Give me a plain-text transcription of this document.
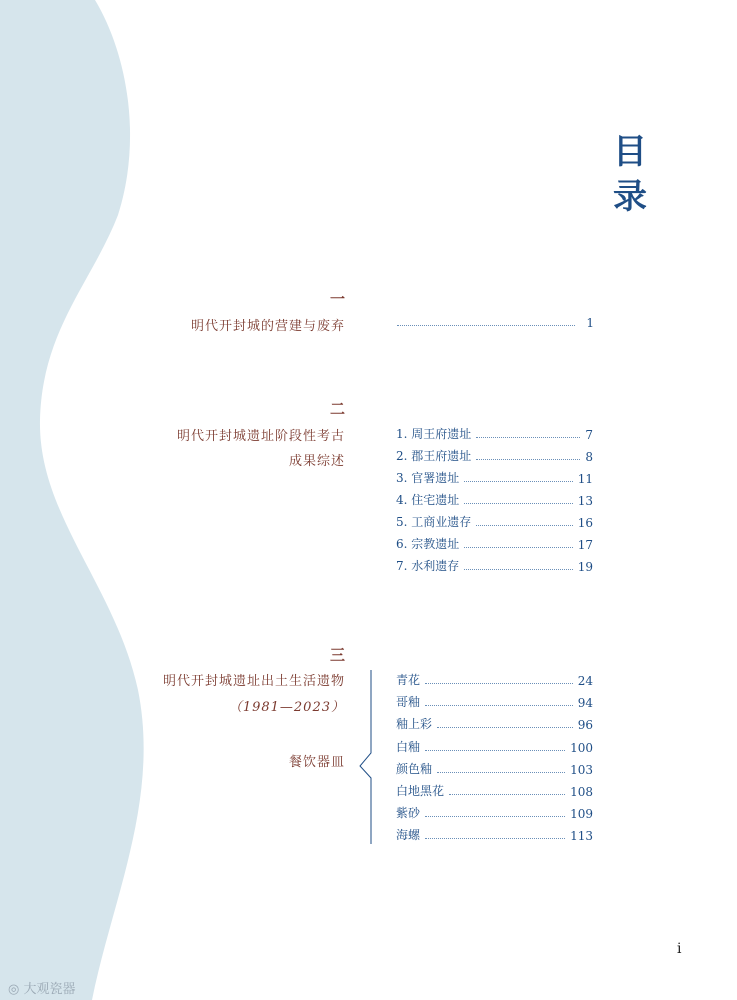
目
录
一
明代开封城的营建与废弃	1
二
明代开封城遗址阶段性考古
成果综述
1. 周王府遗址	7
2. 郡王府遗址	8
3. 官署遗址	11
4. 住宅遗址	13
5. 工商业遗存	16
6. 宗教遗址	17
7. 水利遗存	19
三
明代开封城遗址出土生活遗物
（1981—2023）
餐饮器皿
青花	24
哥釉	94
釉上彩	96
白釉	100
颜色釉	103
白地黑花	108
紫砂	109
海螺	113
i
◎ 大观瓷器
